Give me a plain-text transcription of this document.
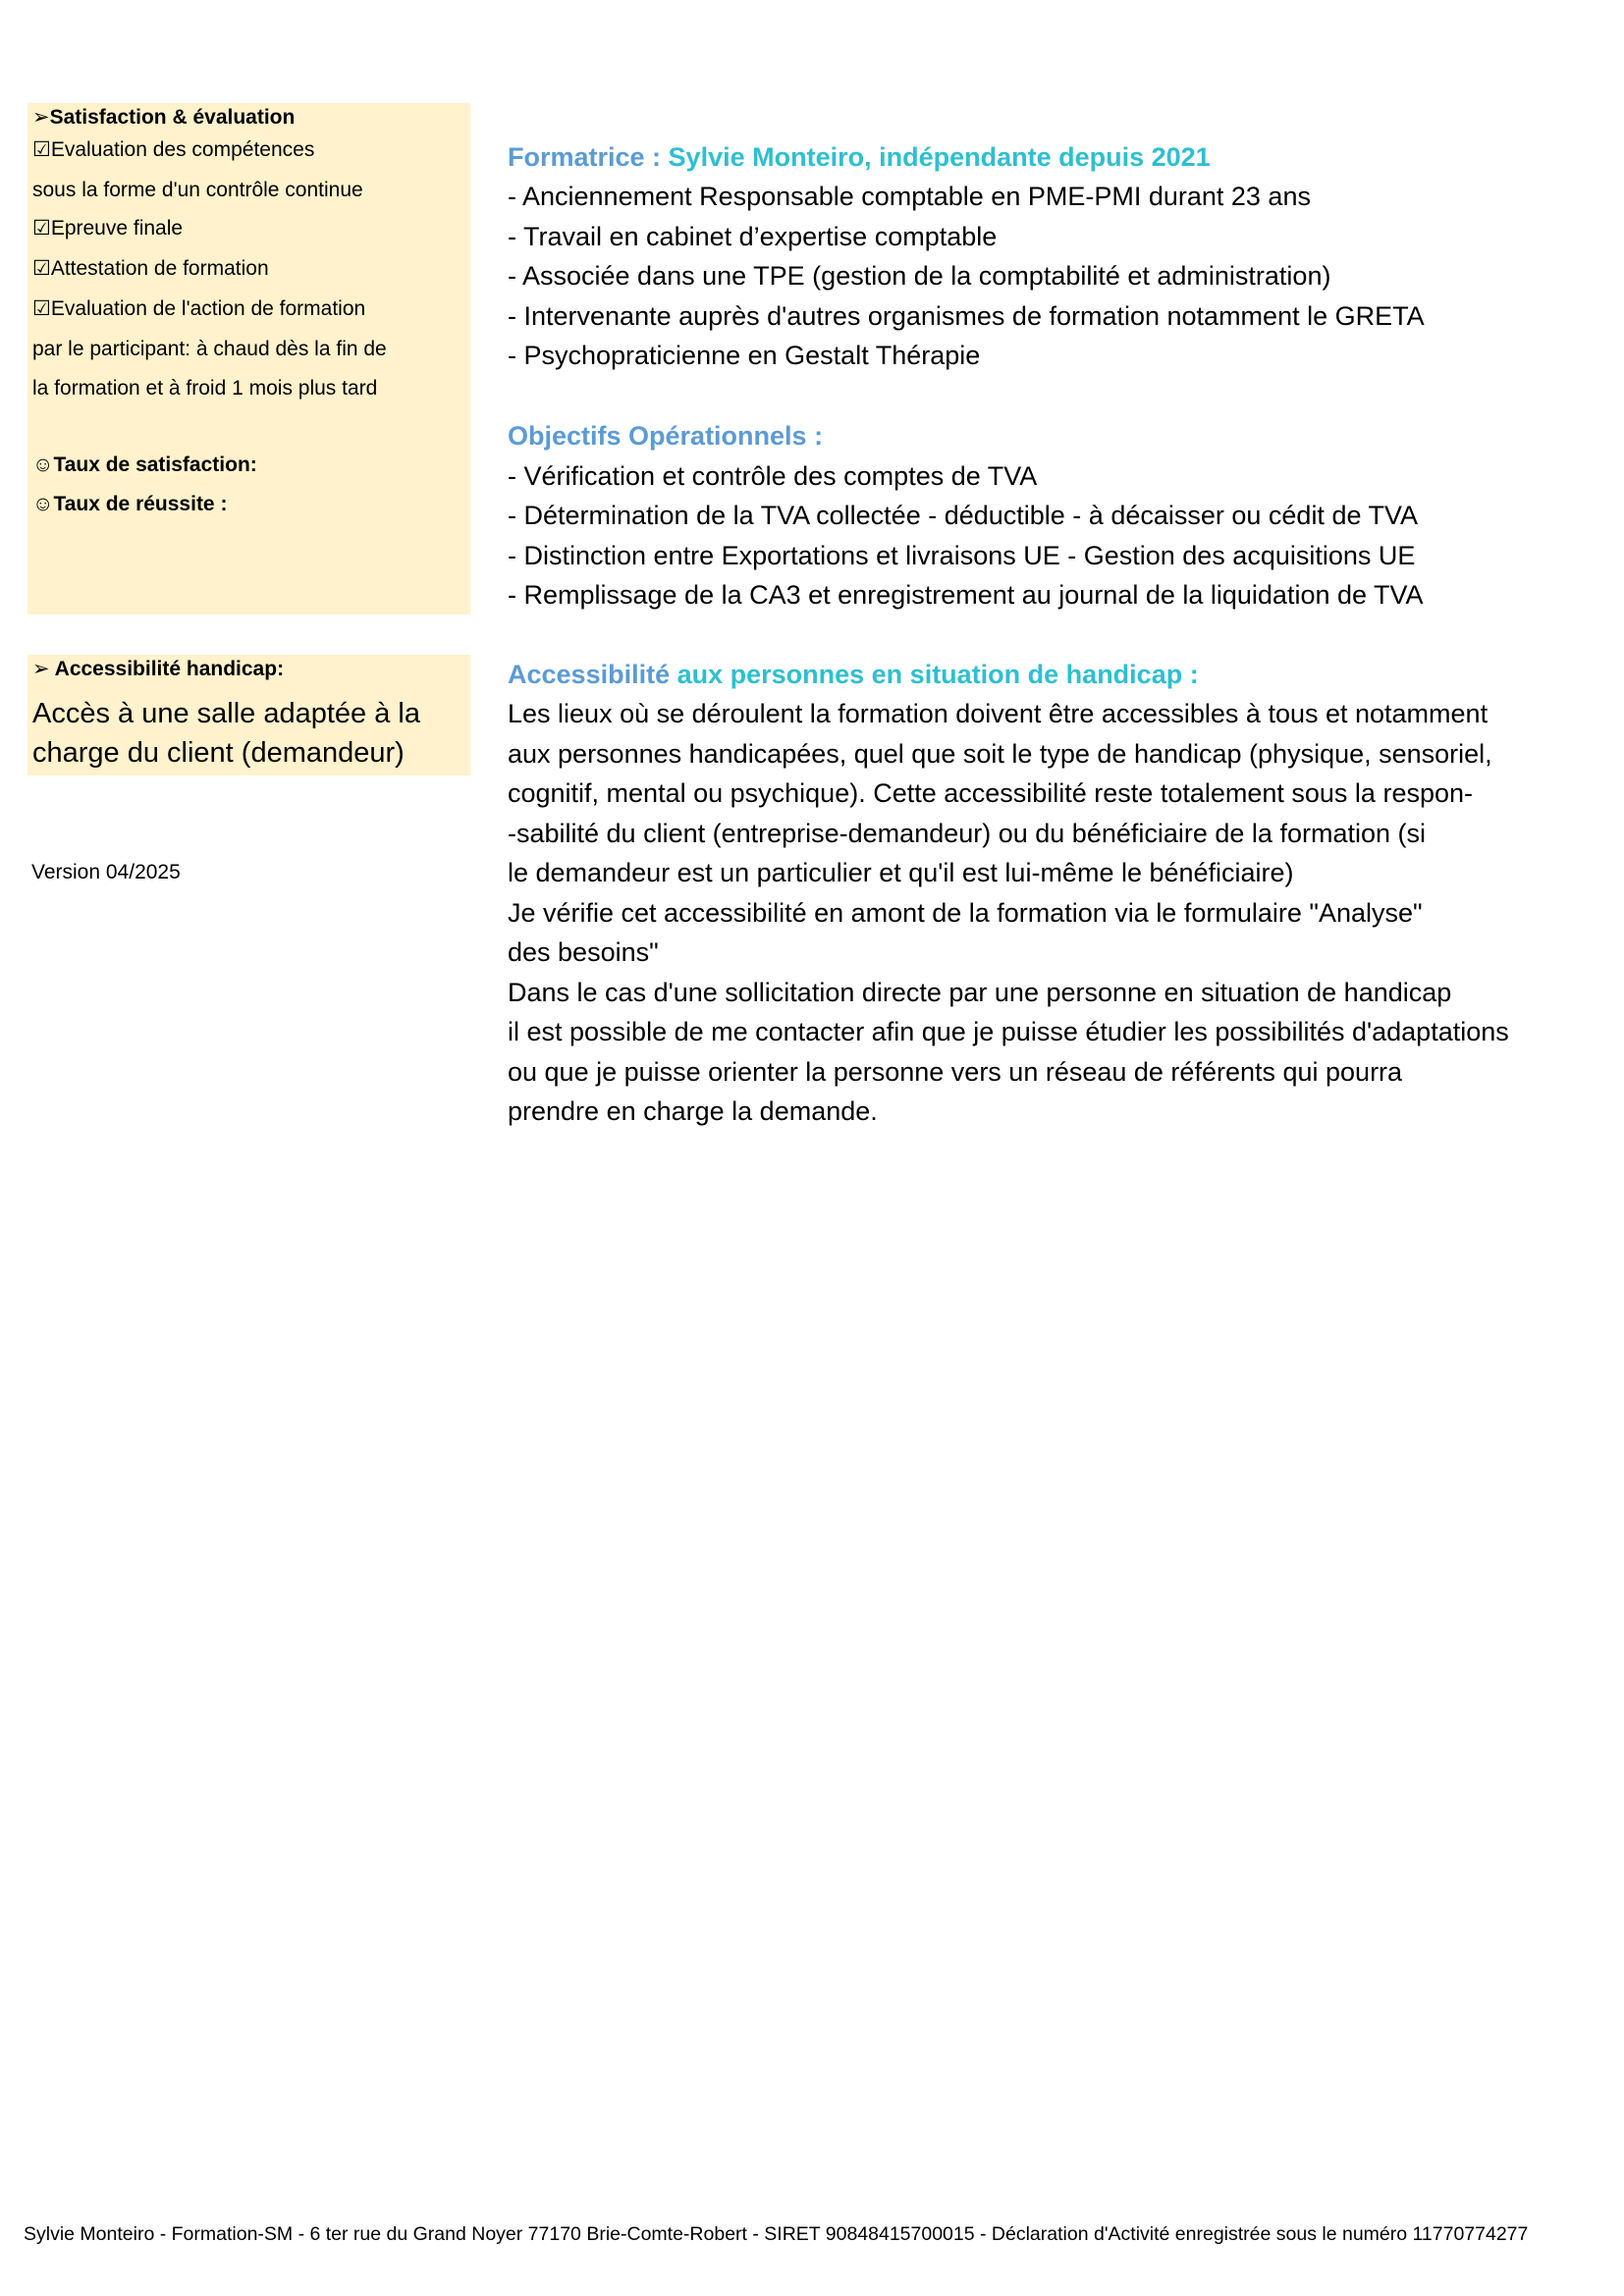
➢Satisfaction & évaluation
☑Evaluation des compétences
sous la forme d'un contrôle continue
☑Epreuve finale
☑Attestation de formation
☑Evaluation de l'action de formation
par le participant: à chaud dès la fin de
la formation et à froid 1 mois plus tard
☺Taux de satisfaction:
☺Taux de réussite :
➢ Accessibilité handicap:
Accès à une salle adaptée à la charge du client (demandeur)
Version 04/2025
Formatrice : Sylvie Monteiro, indépendante depuis 2021
- Anciennement Responsable comptable en PME-PMI durant 23 ans
- Travail en cabinet d’expertise comptable
- Associée dans une TPE (gestion de la comptabilité et administration)
- Intervenante auprès d'autres organismes de formation notamment le GRETA
- Psychopraticienne en Gestalt Thérapie
Objectifs Opérationnels :
- Vérification et contrôle des comptes de TVA
- Détermination de la TVA collectée - déductible - à décaisser ou cédit de TVA
- Distinction entre Exportations et livraisons UE - Gestion des acquisitions UE
- Remplissage de la CA3 et enregistrement au journal de la liquidation de TVA
Accessibilité aux personnes en situation de handicap :
Les lieux où se déroulent la formation doivent être accessibles à tous et notamment
aux personnes handicapées, quel que soit le type de handicap (physique, sensoriel,
cognitif, mental ou psychique). Cette accessibilité reste totalement sous la respon-
-sabilité du client (entreprise-demandeur) ou du bénéficiaire de la formation (si
le demandeur est un particulier et qu'il est lui-même le bénéficiaire)
Je vérifie cet accessibilité en amont de la formation via le formulaire "Analyse"
des besoins"
Dans le cas d'une sollicitation directe par une personne en situation de handicap
il est possible de me contacter afin que je puisse étudier les possibilités d'adaptations
ou que je puisse orienter la personne vers un réseau de référents qui pourra
prendre en charge la demande.
Sylvie Monteiro - Formation-SM - 6 ter rue du Grand Noyer 77170 Brie-Comte-Robert - SIRET 90848415700015 - Déclaration d'Activité enregistrée sous le numéro 11770774277
